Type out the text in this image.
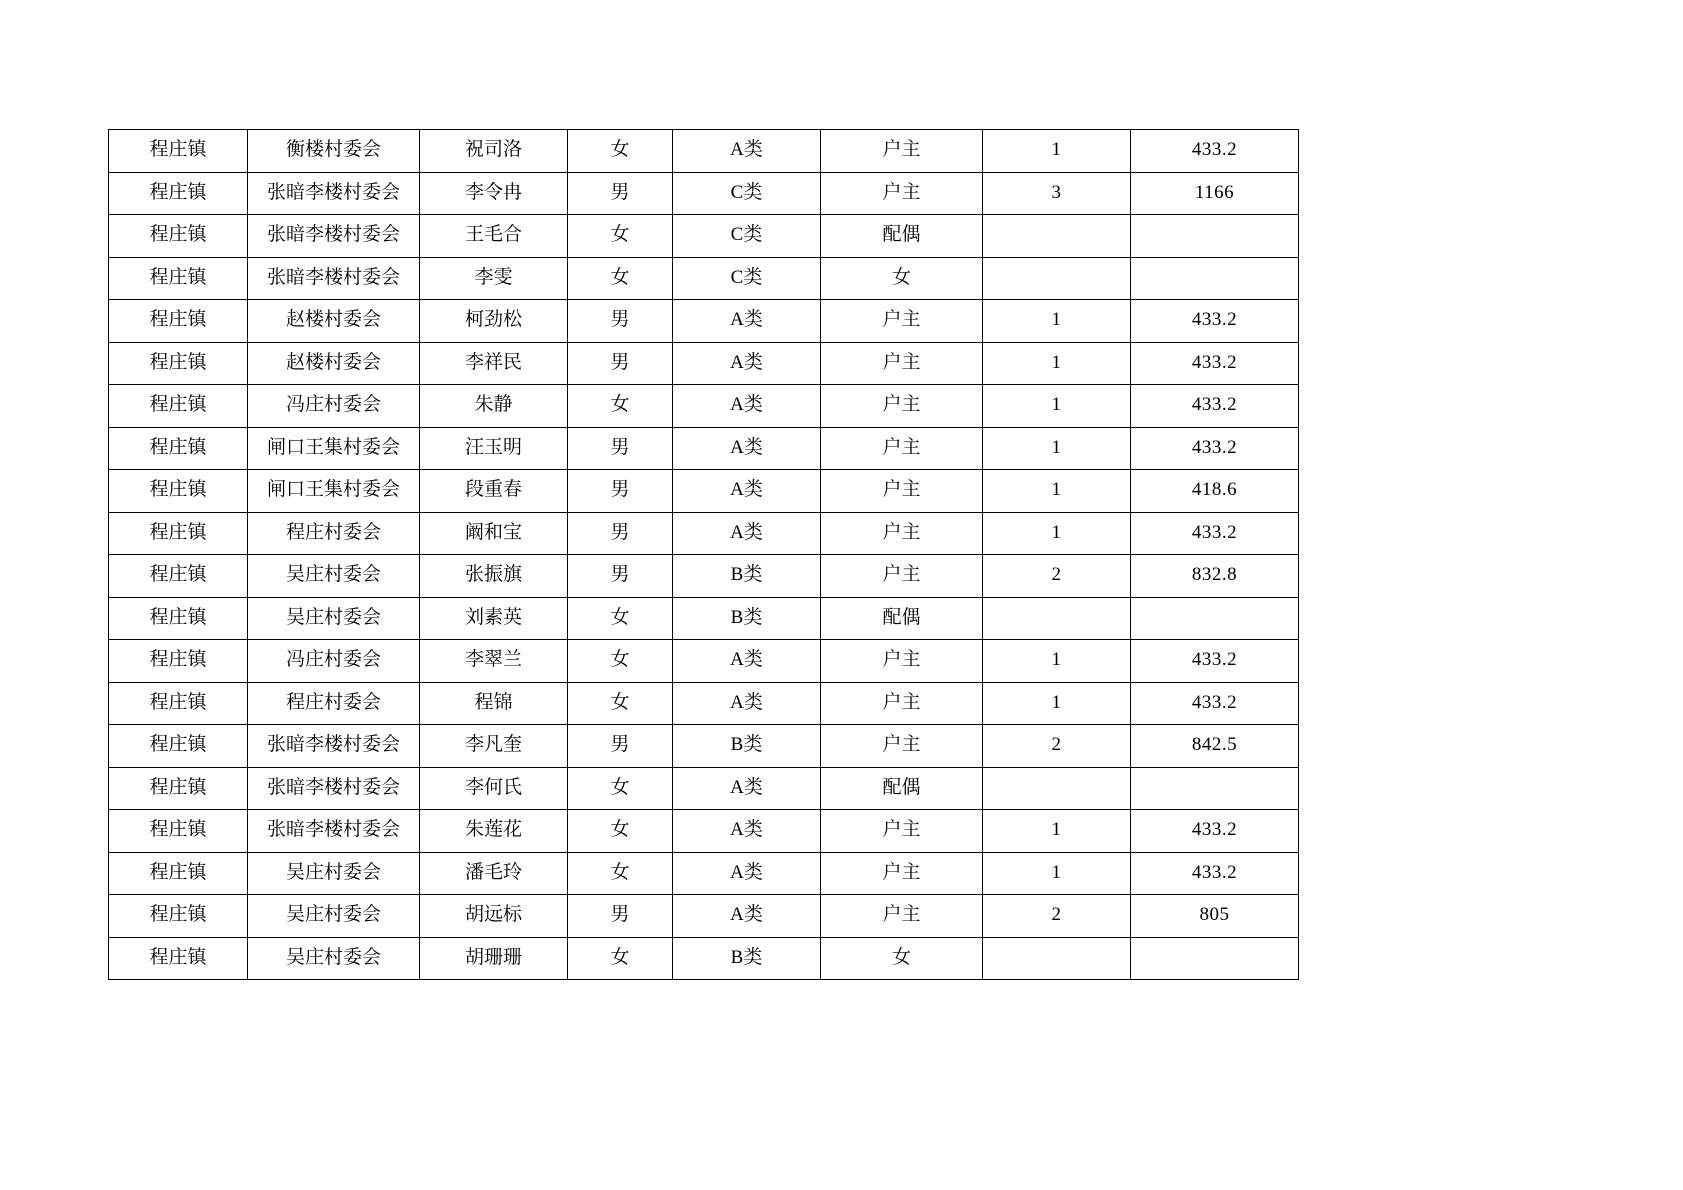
程庄镇	衡楼村委会	祝司洛	女	A类	户主	1	433.2
程庄镇	张暗李楼村委会	李令冉	男	C类	户主	3	1166
程庄镇	张暗李楼村委会	王毛合	女	C类	配偶		
程庄镇	张暗李楼村委会	李雯	女	C类	女		
程庄镇	赵楼村委会	柯劲松	男	A类	户主	1	433.2
程庄镇	赵楼村委会	李祥民	男	A类	户主	1	433.2
程庄镇	冯庄村委会	朱静	女	A类	户主	1	433.2
程庄镇	闸口王集村委会	汪玉明	男	A类	户主	1	433.2
程庄镇	闸口王集村委会	段重春	男	A类	户主	1	418.6
程庄镇	程庄村委会	阚和宝	男	A类	户主	1	433.2
程庄镇	吴庄村委会	张振旗	男	B类	户主	2	832.8
程庄镇	吴庄村委会	刘素英	女	B类	配偶		
程庄镇	冯庄村委会	李翠兰	女	A类	户主	1	433.2
程庄镇	程庄村委会	程锦	女	A类	户主	1	433.2
程庄镇	张暗李楼村委会	李凡奎	男	B类	户主	2	842.5
程庄镇	张暗李楼村委会	李何氏	女	A类	配偶		
程庄镇	张暗李楼村委会	朱莲花	女	A类	户主	1	433.2
程庄镇	吴庄村委会	潘毛玲	女	A类	户主	1	433.2
程庄镇	吴庄村委会	胡远标	男	A类	户主	2	805
程庄镇	吴庄村委会	胡珊珊	女	B类	女		
